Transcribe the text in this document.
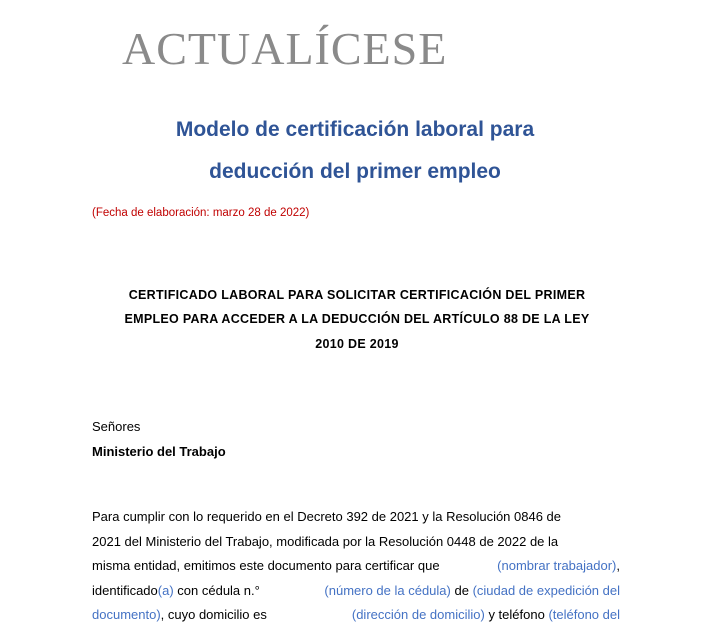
ACTUALÍCESE
Modelo de certificación laboral para
deducción del primer empleo
(Fecha de elaboración: marzo 28 de 2022)
CERTIFICADO LABORAL PARA SOLICITAR CERTIFICACIÓN DEL PRIMER
EMPLEO PARA ACCEDER A LA DEDUCCIÓN DEL ARTÍCULO 88 DE LA LEY
2010 DE 2019
Señores
Ministerio del Trabajo
Para cumplir con lo requerido en el Decreto 392 de 2021 y la Resolución 0846 de
2021 del Ministerio del Trabajo, modificada por la Resolución 0448 de 2022 de la
misma entidad, emitimos este documento para certificar que	(nombrar trabajador),
identificado(a) con cédula n.°	(número de la cédula) de (ciudad de expedición del
documento), cuyo domicilio es	(dirección de domicilio) y teléfono (teléfono del
